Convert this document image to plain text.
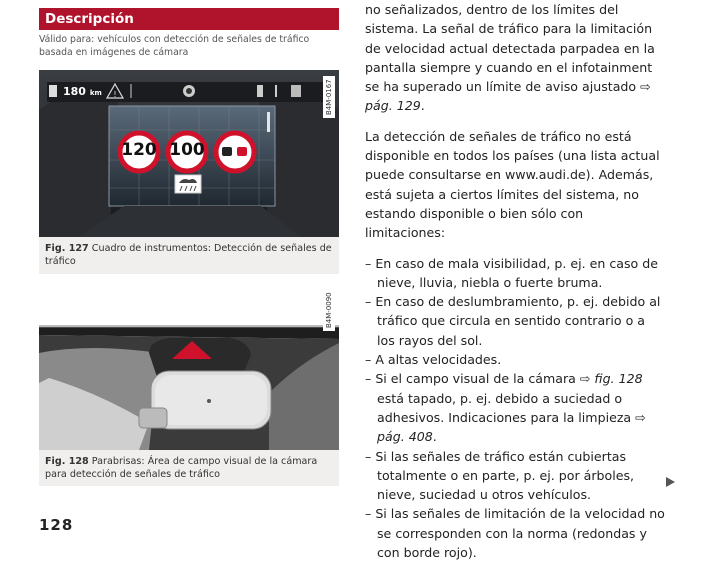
Descripción
Válido para: vehículos con detección de señales de tráfico basada en imágenes de cámara
!
180 km
120 100
B4M-0167
Fig. 127 Cuadro de instrumentos: Detección de señales de tráfico
B4M-0090
Fig. 128 Parabrisas: Área de campo visual de la cámara para detección de señales de tráfico

no señalizados, dentro de los límites del sistema. La señal de tráfico para la limitación de velocidad actual detectada parpadea en la pantalla siempre y cuando en el infotainment se ha superado un límite de aviso ajustado ⇨ pág. 129.

La detección de señales de tráfico no está disponible en todos los países (una lista actual puede consultarse en www.audi.de). Además, está sujeta a ciertos límites del sistema, no estando disponible o bien sólo con limitaciones:

– En caso de mala visibilidad, p. ej. en caso de nieve, lluvia, niebla o fuerte bruma.
– En caso de deslumbramiento, p. ej. debido al tráfico que circula en sentido contrario o a los rayos del sol.
– A altas velocidades.
– Si el campo visual de la cámara ⇨ fig. 128 está tapado, p. ej. debido a suciedad o adhesivos. Indicaciones para la limpieza ⇨ pág. 408.
– Si las señales de tráfico están cubiertas totalmente o en parte, p. ej. por árboles, nieve, suciedad u otros vehículos.
– Si las señales de limitación de la velocidad no se corresponden con la norma (redondas y con borde rojo).
128
